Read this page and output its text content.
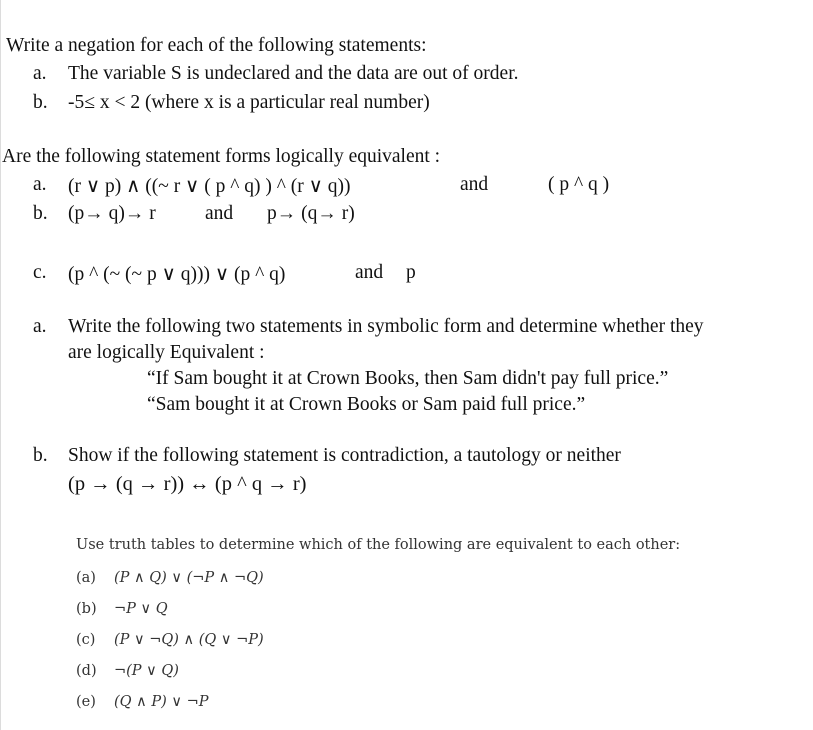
Write a negation for each of the following statements:
a. The variable S is undeclared and the data are out of order.
b. -5≤ x < 2 (where x is a particular real number)
Are the following statement forms logically equivalent :
a. (r ∨ p) ∧ ((~ r ∨ ( p ^ q) ) ^ (r ∨ q))	and	( p ^ q )
b. (p→ q)→ r	and p→ (q→ r)
c. (p ^ (~ (~ p ∨ q))) ∨ (p ^ q)	and p
a. Write the following two statements in symbolic form and determine whether they
are logically Equivalent :
“If Sam bought it at Crown Books, then Sam didn't pay full price.”
“Sam bought it at Crown Books or Sam paid full price.”
b. Show if the following statement is contradiction, a tautology or neither
(p → (q → r)) ↔ (p ^ q → r)
Use truth tables to determine which of the following are equivalent to each other:
(a) (P ∧ Q) ∨ (¬P ∧ ¬Q)
(b) ¬P ∨ Q
(c) (P ∨ ¬Q) ∧ (Q ∨ ¬P)
(d) ¬(P ∨ Q)
(e) (Q ∧ P) ∨ ¬P
